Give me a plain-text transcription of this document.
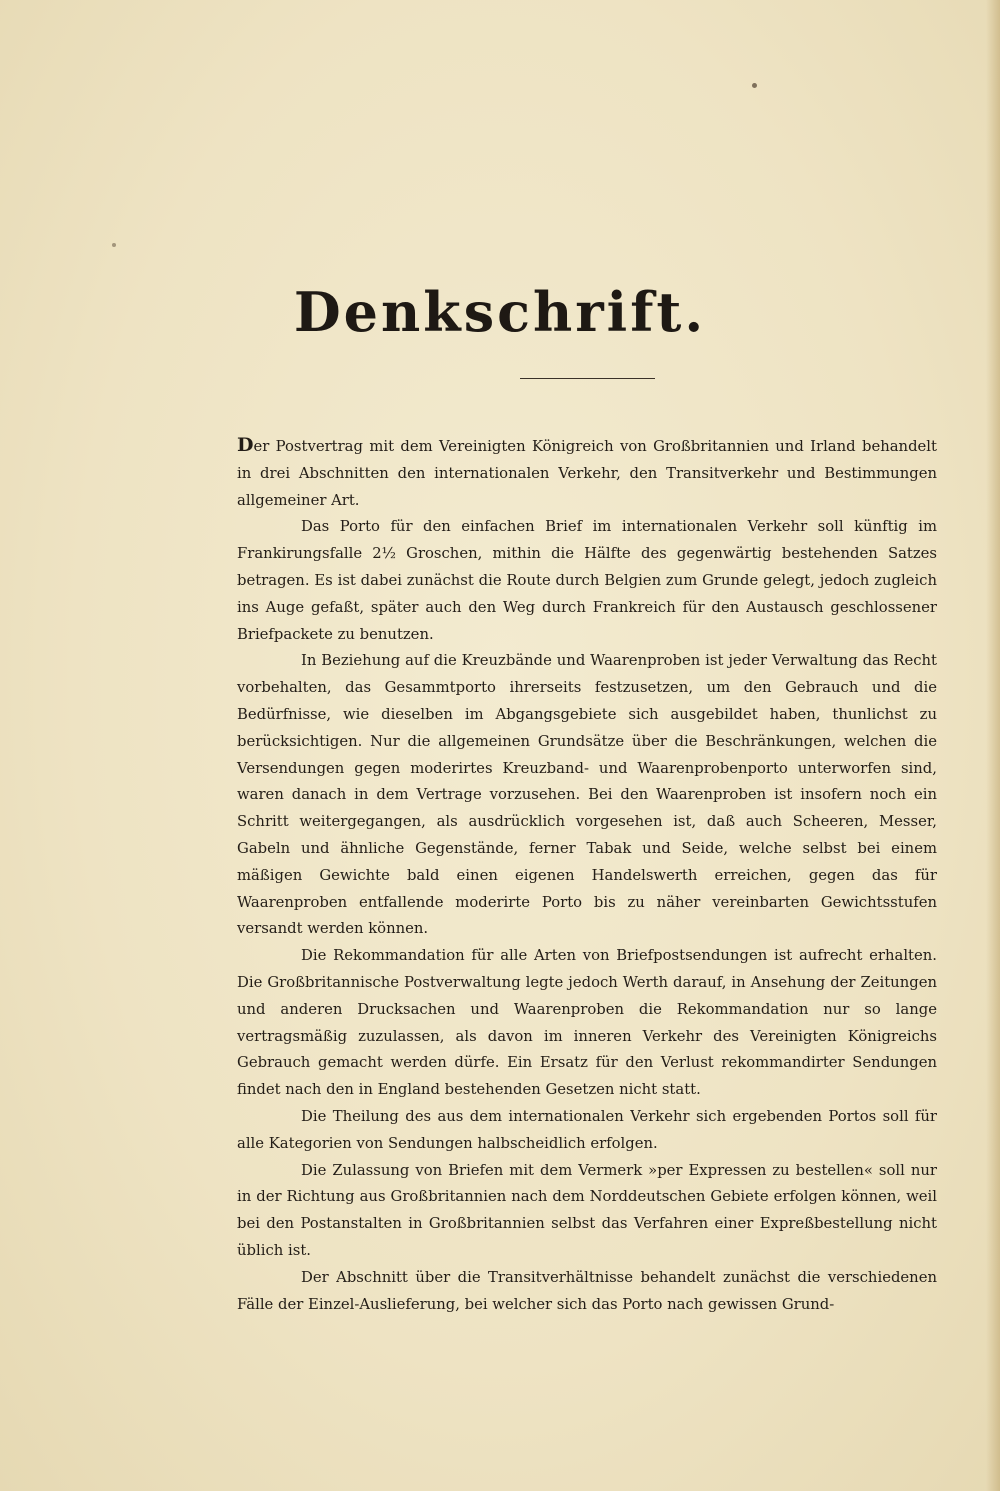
Denkschrift.

Der Postvertrag mit dem Vereinigten Königreich von Großbritannien und Irland behandelt in drei Abschnitten den internationalen Verkehr, den Transitverkehr und Bestimmungen allgemeiner Art.

Das Porto für den einfachen Brief im internationalen Verkehr soll künftig im Frankirungsfalle 2½ Groschen, mithin die Hälfte des gegenwärtig bestehenden Satzes betragen. Es ist dabei zunächst die Route durch Belgien zum Grunde gelegt, jedoch zugleich ins Auge gefaßt, später auch den Weg durch Frankreich für den Austausch geschlossener Briefpackete zu benutzen.

In Beziehung auf die Kreuzbände und Waarenproben ist jeder Verwaltung das Recht vorbehalten, das Gesammtporto ihrerseits festzusetzen, um den Gebrauch und die Bedürfnisse, wie dieselben im Abgangsgebiete sich ausgebildet haben, thunlichst zu berücksichtigen. Nur die allgemeinen Grundsätze über die Beschränkungen, welchen die Versendungen gegen moderirtes Kreuzband- und Waarenprobenporto unterworfen sind, waren danach in dem Vertrage vorzusehen. Bei den Waarenproben ist insofern noch ein Schritt weitergegangen, als ausdrücklich vorgesehen ist, daß auch Scheeren, Messer, Gabeln und ähnliche Gegenstände, ferner Tabak und Seide, welche selbst bei einem mäßigen Gewichte bald einen eigenen Handelswerth erreichen, gegen das für Waarenproben entfallende moderirte Porto bis zu näher vereinbarten Gewichtsstufen versandt werden können.

Die Rekommandation für alle Arten von Briefpostsendungen ist aufrecht erhalten. Die Großbritannische Postverwaltung legte jedoch Werth darauf, in Ansehung der Zeitungen und anderen Drucksachen und Waarenproben die Rekommandation nur so lange vertragsmäßig zuzulassen, als davon im inneren Verkehr des Vereinigten Königreichs Gebrauch gemacht werden dürfe. Ein Ersatz für den Verlust rekommandirter Sendungen findet nach den in England bestehenden Gesetzen nicht statt.

Die Theilung des aus dem internationalen Verkehr sich ergebenden Portos soll für alle Kategorien von Sendungen halbscheidlich erfolgen.

Die Zulassung von Briefen mit dem Vermerk »per Expressen zu bestellen« soll nur in der Richtung aus Großbritannien nach dem Norddeutschen Gebiete erfolgen können, weil bei den Postanstalten in Großbritannien selbst das Verfahren einer Expreßbestellung nicht üblich ist.

Der Abschnitt über die Transitverhältnisse behandelt zunächst die verschiedenen Fälle der Einzel-Auslieferung, bei welcher sich das Porto nach gewissen Grund-
